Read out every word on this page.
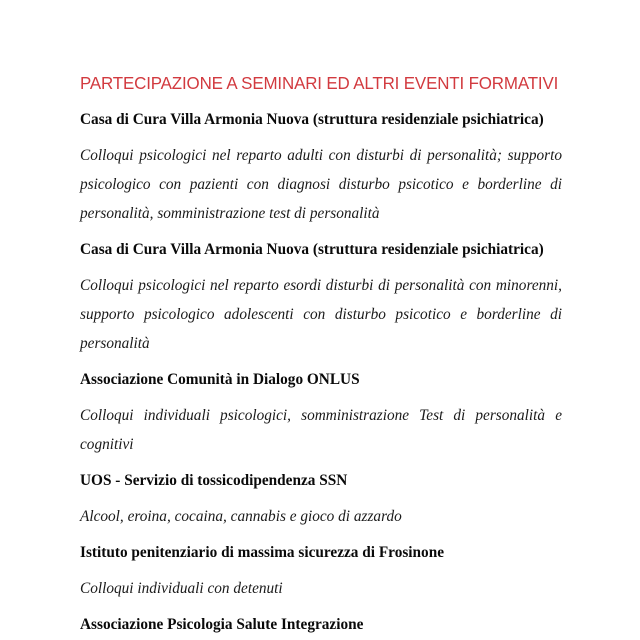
PARTECIPAZIONE A SEMINARI ED ALTRI EVENTI FORMATIVI
Casa di Cura Villa Armonia Nuova (struttura residenziale psichiatrica)

Colloqui psicologici nel reparto adulti con disturbi di personalità; supporto psicologico con pazienti con diagnosi disturbo psicotico e borderline di personalità, somministrazione test di personalità

Casa di Cura Villa Armonia Nuova (struttura residenziale psichiatrica)

Colloqui psicologici nel reparto esordi disturbi di personalità con minorenni, supporto psicologico adolescenti con disturbo psicotico e borderline di personalità

Associazione Comunità in Dialogo ONLUS

Colloqui individuali psicologici, somministrazione Test di personalità e cognitivi

UOS - Servizio di tossicodipendenza SSN

Alcool, eroina, cocaina, cannabis e gioco di azzardo

Istituto penitenziario di massima sicurezza di Frosinone

Colloqui individuali con detenuti

Associazione Psicologia Salute Integrazione
